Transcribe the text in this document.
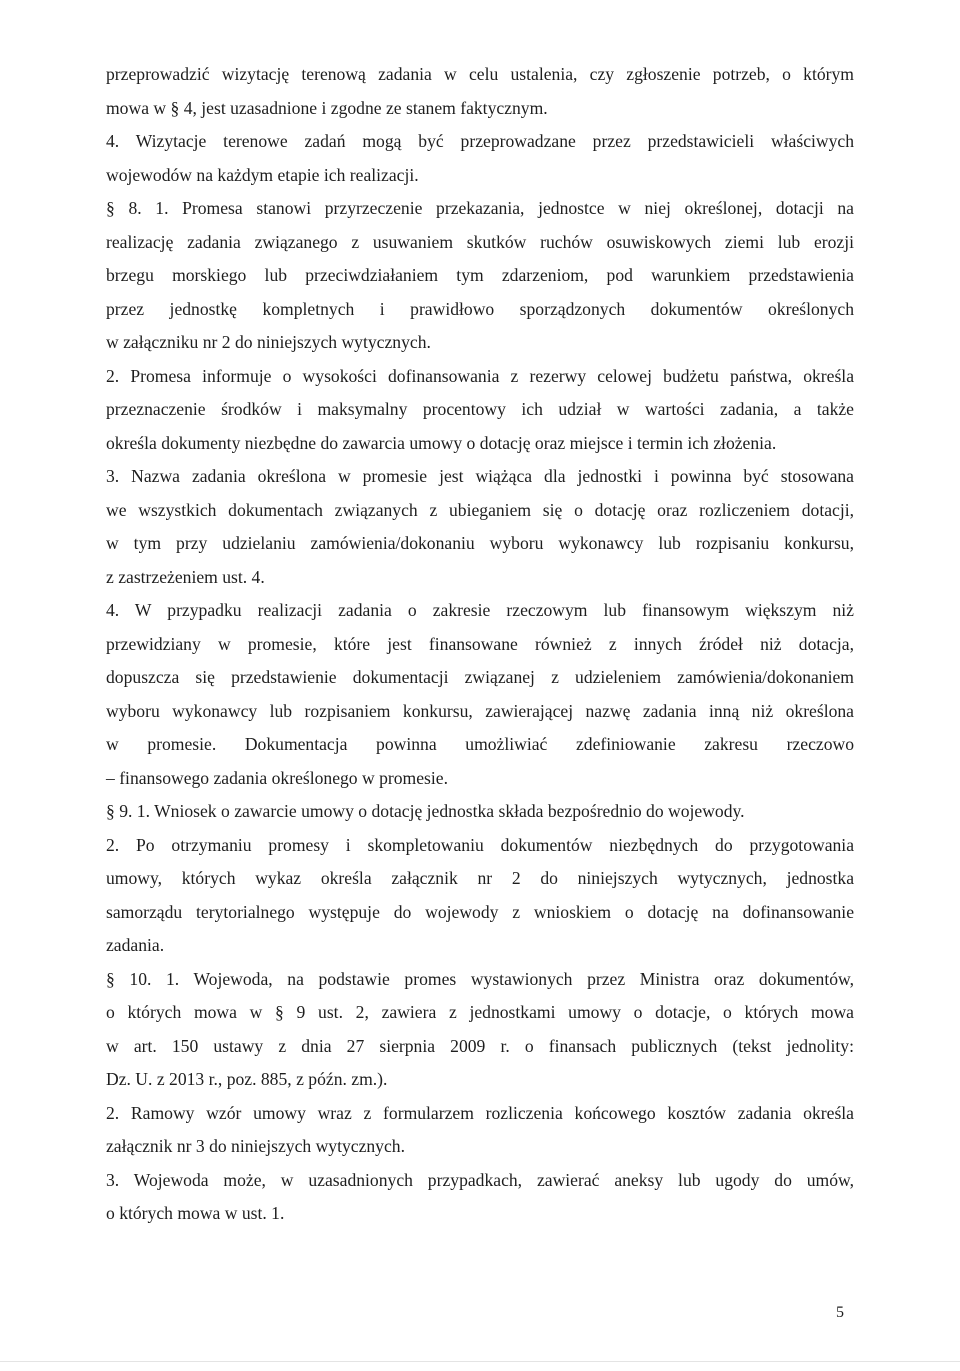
przeprowadzić wizytację terenową zadania w celu ustalenia, czy zgłoszenie potrzeb, o którym
mowa w § 4, jest uzasadnione i zgodne ze stanem faktycznym.
4. Wizytacje terenowe zadań mogą być przeprowadzane przez przedstawicieli właściwych
wojewodów na każdym etapie ich realizacji.
§ 8. 1. Promesa stanowi przyrzeczenie przekazania, jednostce w niej określonej, dotacji na
realizację zadania związanego z usuwaniem skutków ruchów osuwiskowych ziemi lub erozji
brzegu morskiego lub przeciwdziałaniem tym zdarzeniom, pod warunkiem przedstawienia
przez jednostkę kompletnych i prawidłowo sporządzonych dokumentów określonych
w załączniku nr 2 do niniejszych wytycznych.
2. Promesa informuje o wysokości dofinansowania z rezerwy celowej budżetu państwa, określa
przeznaczenie środków i maksymalny procentowy ich udział w wartości zadania, a także
określa dokumenty niezbędne do zawarcia umowy o dotację oraz miejsce i termin ich złożenia.
3. Nazwa zadania określona w promesie jest wiążąca dla jednostki i powinna być stosowana
we wszystkich dokumentach związanych z ubieganiem się o dotację oraz rozliczeniem dotacji,
w tym przy udzielaniu zamówienia/dokonaniu wyboru wykonawcy lub rozpisaniu konkursu,
z zastrzeżeniem ust. 4.
4. W przypadku realizacji zadania o zakresie rzeczowym lub finansowym większym niż
przewidziany w promesie, które jest finansowane również z innych źródeł niż dotacja,
dopuszcza się przedstawienie dokumentacji związanej z udzieleniem zamówienia/dokonaniem
wyboru wykonawcy lub rozpisaniem konkursu, zawierającej nazwę zadania inną niż określona
w promesie. Dokumentacja powinna umożliwiać zdefiniowanie zakresu rzeczowo
– finansowego zadania określonego w promesie.
§ 9. 1. Wniosek o zawarcie umowy o dotację jednostka składa bezpośrednio do wojewody.
2. Po otrzymaniu promesy i skompletowaniu dokumentów niezbędnych do przygotowania
umowy, których wykaz określa załącznik nr 2 do niniejszych wytycznych, jednostka
samorządu terytorialnego występuje do wojewody z wnioskiem o dotację na dofinansowanie
zadania.
§ 10. 1. Wojewoda, na podstawie promes wystawionych przez Ministra oraz dokumentów,
o których mowa w § 9 ust. 2, zawiera z jednostkami umowy o dotacje, o których mowa
w art. 150 ustawy z dnia 27 sierpnia 2009 r. o finansach publicznych (tekst jednolity:
Dz. U. z 2013 r., poz. 885, z późn. zm.).
2. Ramowy wzór umowy wraz z formularzem rozliczenia końcowego kosztów zadania określa
załącznik nr 3 do niniejszych wytycznych.
3. Wojewoda może, w uzasadnionych przypadkach, zawierać aneksy lub ugody do umów,
o których mowa w ust. 1.
5
